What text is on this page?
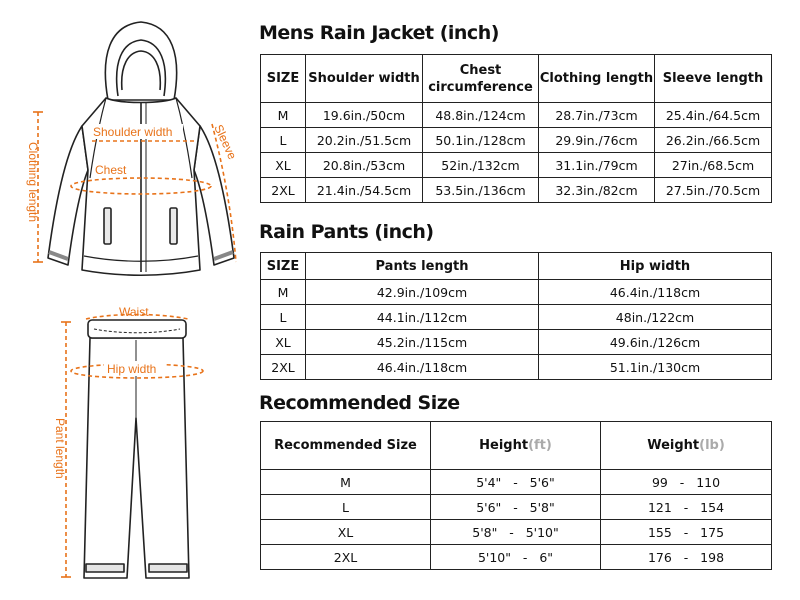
Shoulder width
Chest
Sleeve
Clothing length
Waist
Hip width
Pant length
Mens Rain Jacket (inch)
SIZE	Shoulder width	Chest circumference	Clothing length	Sleeve length
M	19.6in./50cm	48.8in./124cm	28.7in./73cm	25.4in./64.5cm
L	20.2in./51.5cm	50.1in./128cm	29.9in./76cm	26.2in./66.5cm
XL	20.8in./53cm	52in./132cm	31.1in./79cm	27in./68.5cm
2XL	21.4in./54.5cm	53.5in./136cm	32.3in./82cm	27.5in./70.5cm
Rain Pants (inch)
SIZE	Pants length	Hip width
M	42.9in./109cm	46.4in./118cm
L	44.1in./112cm	48in./122cm
XL	45.2in./115cm	49.6in./126cm
2XL	46.4in./118cm	51.1in./130cm
Recommended Size
Recommended Size	Height(ft)	Weight(lb)
M	5'4"   -   5'6"	99   -   110
L	5'6"   -   5'8"	121   -   154
XL	5'8"   -   5'10"	155   -   175
2XL	5'10"   -   6"	176   -   198
